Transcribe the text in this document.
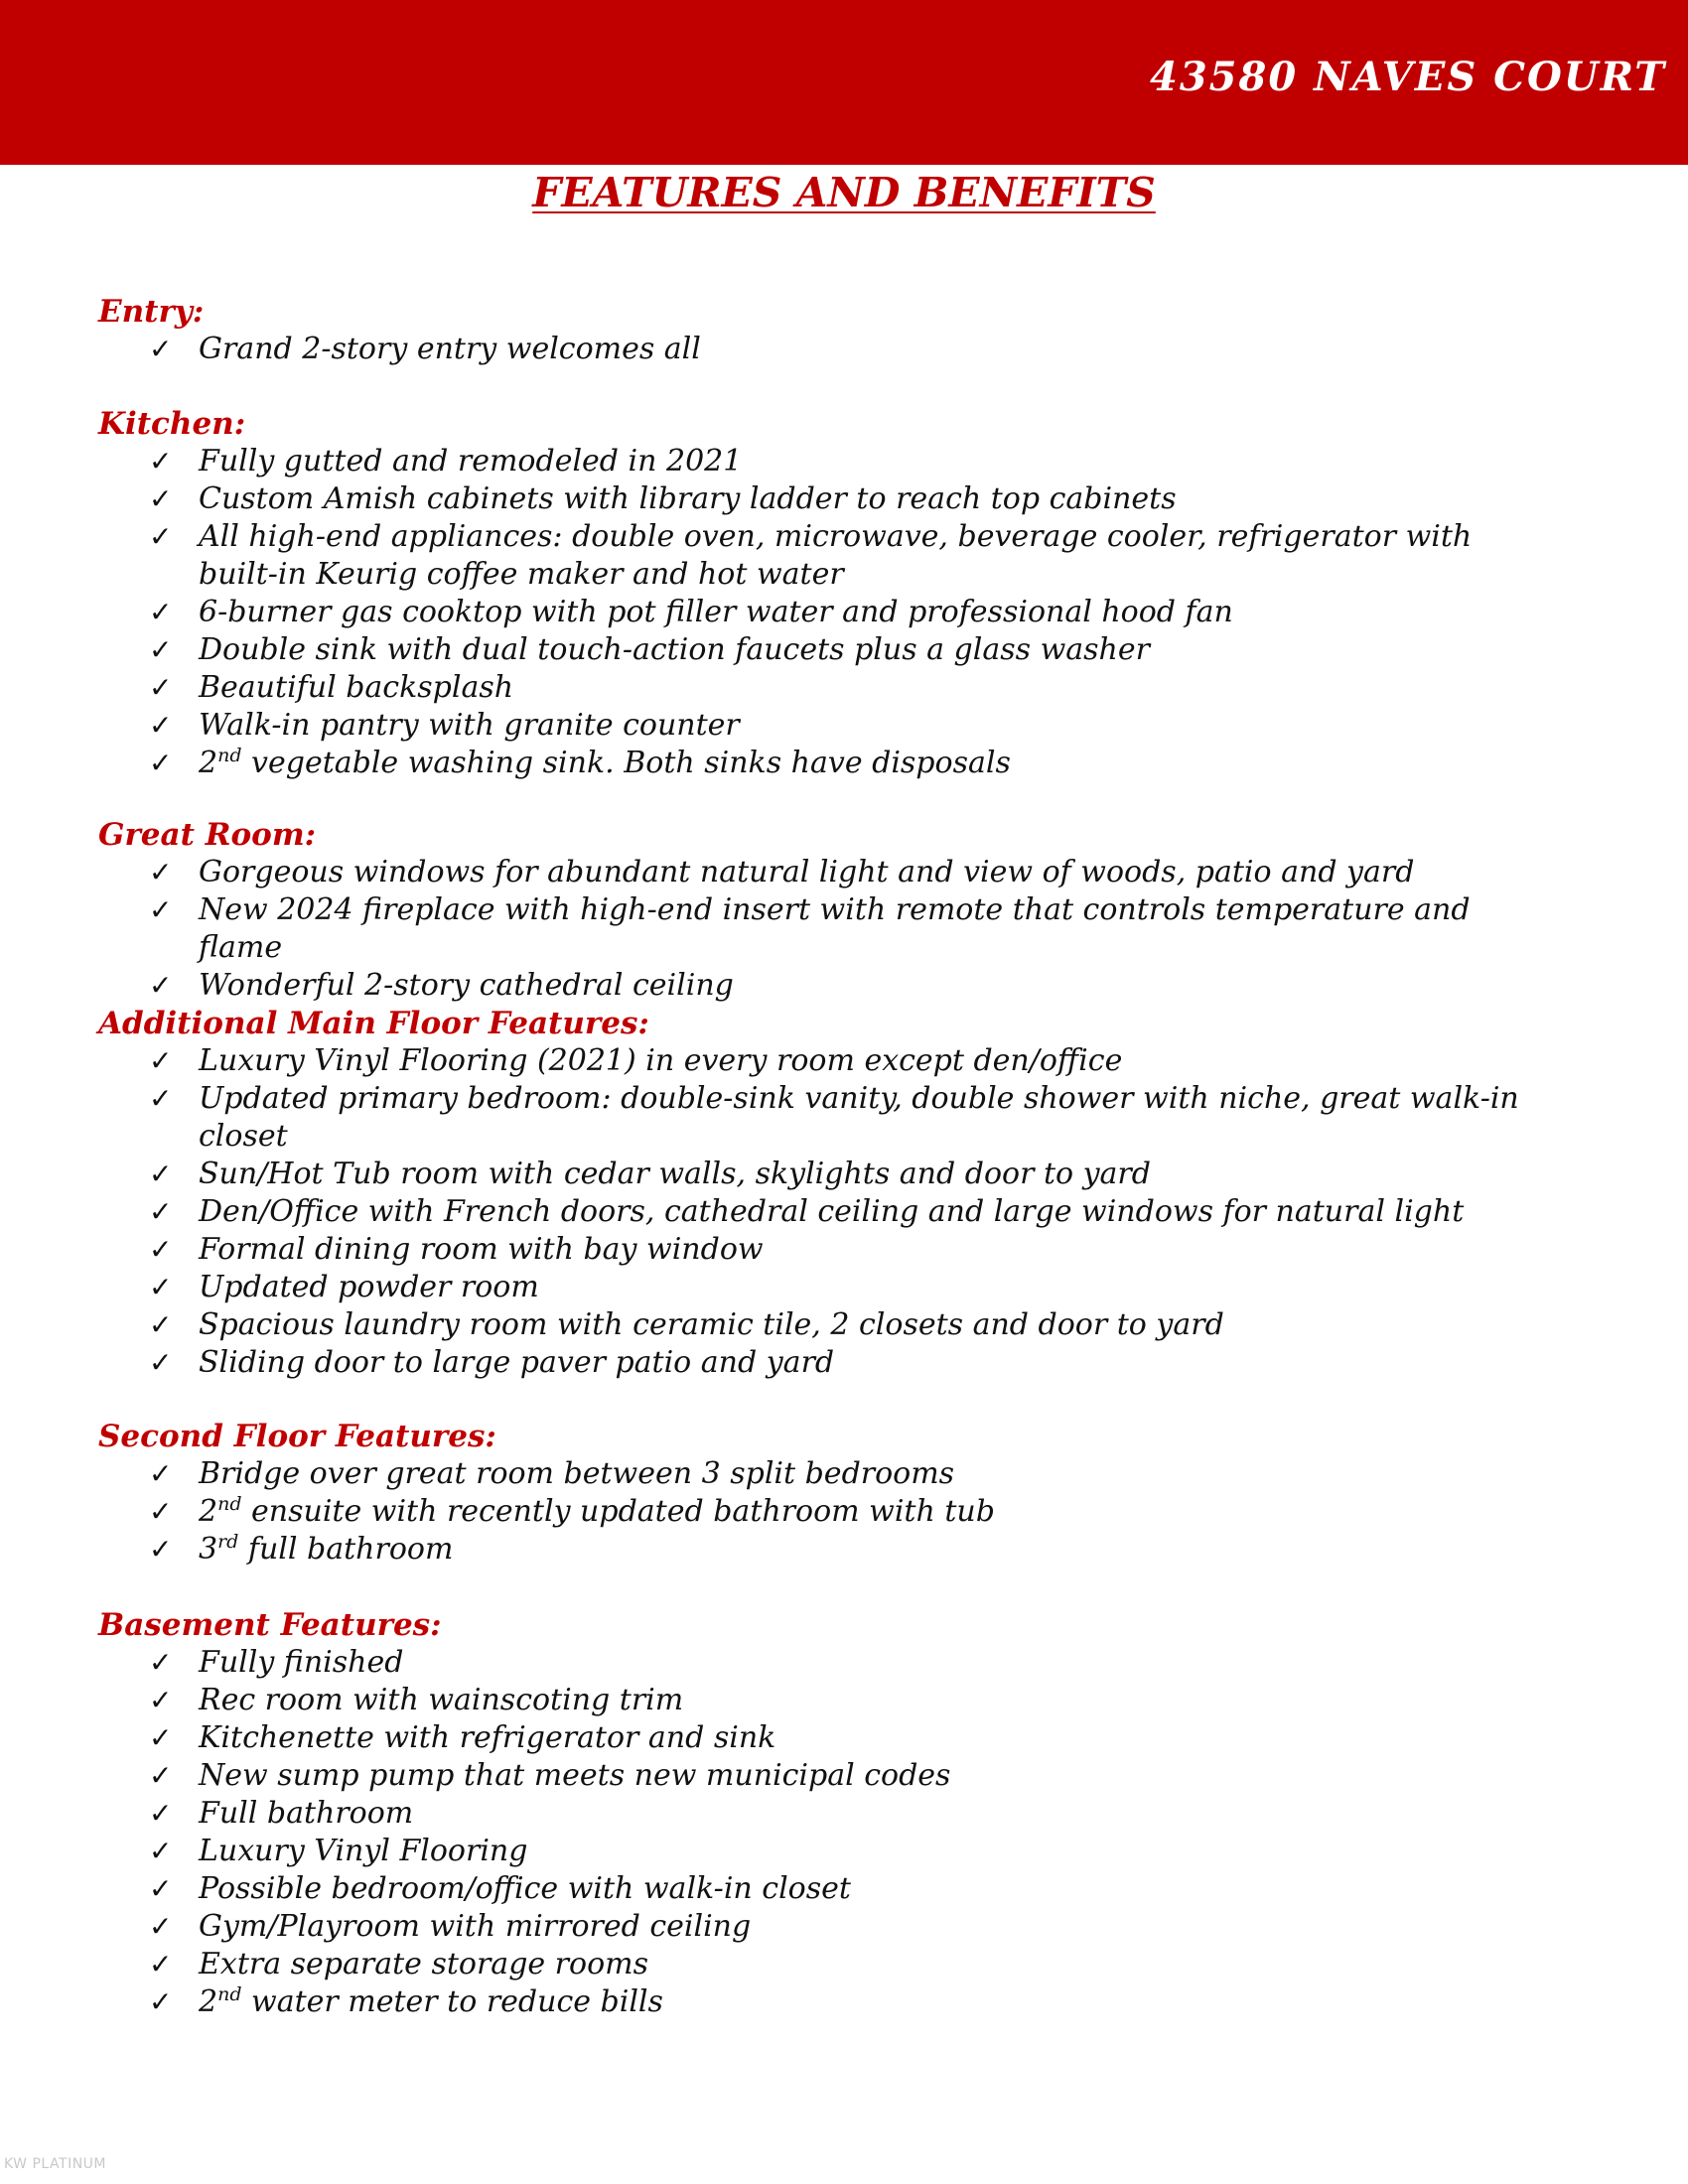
43580 NAVES COURT
FEATURES AND BENEFITS
Entry:
✓ Grand 2-story entry welcomes all
Kitchen:
✓ Fully gutted and remodeled in 2021
✓ Custom Amish cabinets with library ladder to reach top cabinets
✓ All high-end appliances: double oven, microwave, beverage cooler, refrigerator with built-in Keurig coffee maker and hot water
✓ 6-burner gas cooktop with pot filler water and professional hood fan
✓ Double sink with dual touch-action faucets plus a glass washer
✓ Beautiful backsplash
✓ Walk-in pantry with granite counter
✓ 2nd vegetable washing sink. Both sinks have disposals
Great Room:
✓ Gorgeous windows for abundant natural light and view of woods, patio and yard
✓ New 2024 fireplace with high-end insert with remote that controls temperature and flame
✓ Wonderful 2-story cathedral ceiling
Additional Main Floor Features:
✓ Luxury Vinyl Flooring (2021) in every room except den/office
✓ Updated primary bedroom: double-sink vanity, double shower with niche, great walk-in closet
✓ Sun/Hot Tub room with cedar walls, skylights and door to yard
✓ Den/Office with French doors, cathedral ceiling and large windows for natural light
✓ Formal dining room with bay window
✓ Updated powder room
✓ Spacious laundry room with ceramic tile, 2 closets and door to yard
✓ Sliding door to large paver patio and yard
Second Floor Features:
✓ Bridge over great room between 3 split bedrooms
✓ 2nd ensuite with recently updated bathroom with tub
✓ 3rd full bathroom
Basement Features:
✓ Fully finished
✓ Rec room with wainscoting trim
✓ Kitchenette with refrigerator and sink
✓ New sump pump that meets new municipal codes
✓ Full bathroom
✓ Luxury Vinyl Flooring
✓ Possible bedroom/office with walk-in closet
✓ Gym/Playroom with mirrored ceiling
✓ Extra separate storage rooms
✓ 2nd water meter to reduce bills
KW PLATINUM
